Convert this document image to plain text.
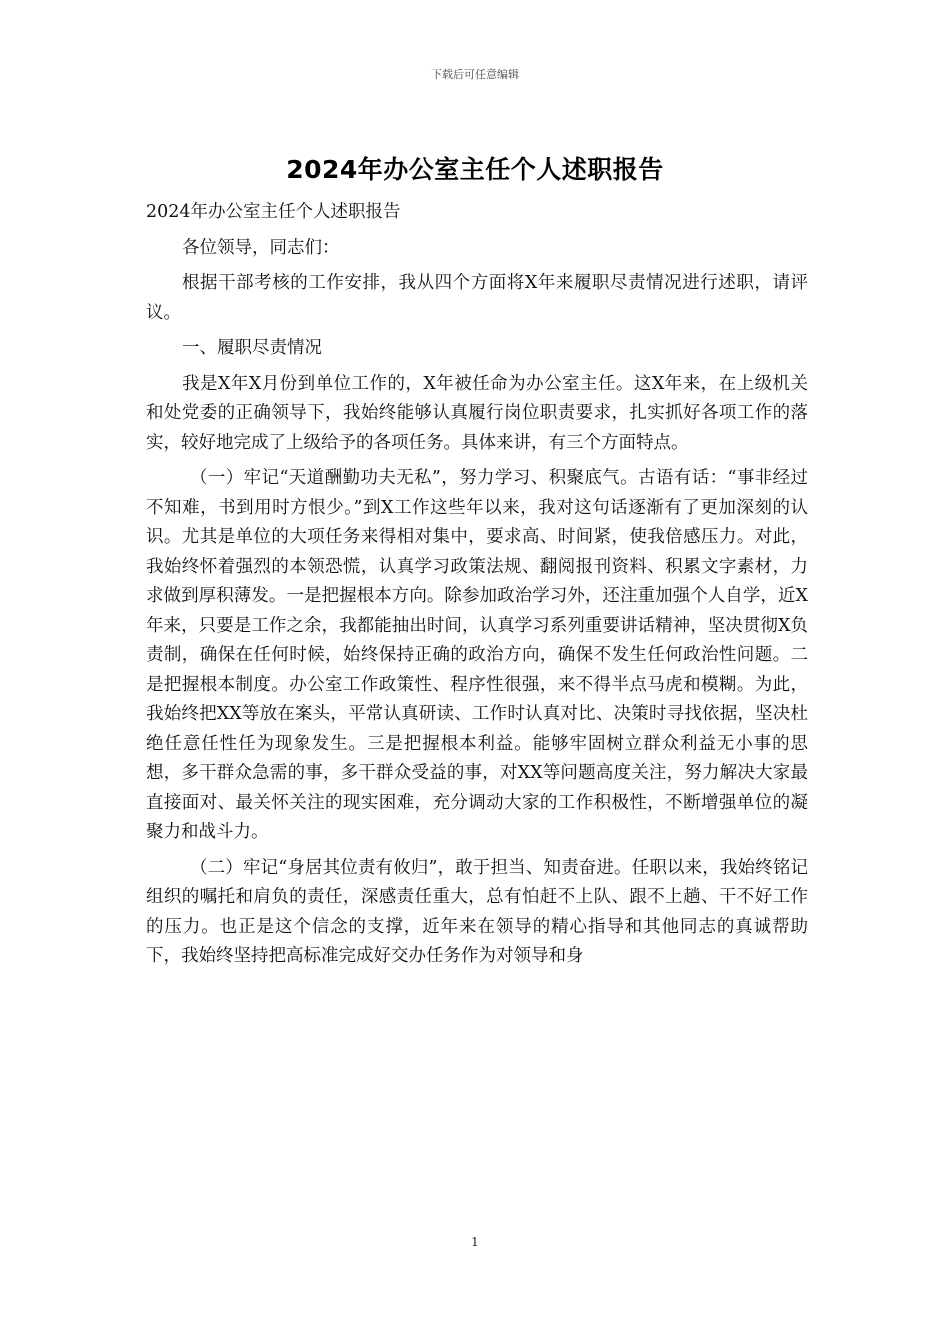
下载后可任意编辑
2024年办公室主任个人述职报告

2024年办公室主任个人述职报告

各位领导，同志们：

根据干部考核的工作安排，我从四个方面将X年来履职尽责情况进行述职，请评议。

一、履职尽责情况

我是X年X月份到单位工作的，X年被任命为办公室主任。这X年来，在上级机关和处党委的正确领导下，我始终能够认真履行岗位职责要求，扎实抓好各项工作的落实，较好地完成了上级给予的各项任务。具体来讲，有三个方面特点。

（一）牢记“天道酬勤功夫无私”，努力学习、积聚底气。古语有话：“事非经过不知难，书到用时方恨少。”到X工作这些年以来，我对这句话逐渐有了更加深刻的认识。尤其是单位的大项任务来得相对集中，要求高、时间紧，使我倍感压力。对此，我始终怀着强烈的本领恐慌，认真学习政策法规、翻阅报刊资料、积累文字素材，力求做到厚积薄发。一是把握根本方向。除参加政治学习外，还注重加强个人自学，近X年来，只要是工作之余，我都能抽出时间，认真学习系列重要讲话精神，坚决贯彻X负责制，确保在任何时候，始终保持正确的政治方向，确保不发生任何政治性问题。二是把握根本制度。办公室工作政策性、程序性很强，来不得半点马虎和模糊。为此，我始终把XX等放在案头，平常认真研读、工作时认真对比、决策时寻找依据，坚决杜绝任意任性任为现象发生。三是把握根本利益。能够牢固树立群众利益无小事的思想，多干群众急需的事，多干群众受益的事，对XX等问题高度关注，努力解决大家最直接面对、最关怀关注的现实困难，充分调动大家的工作积极性，不断增强单位的凝聚力和战斗力。

（二）牢记“身居其位责有攸归”，敢于担当、知责奋进。任职以来，我始终铭记组织的嘱托和肩负的责任，深感责任重大，总有怕赶不上队、跟不上趟、干不好工作的压力。也正是这个信念的支撑，近年来在领导的精心指导和其他同志的真诚帮助下，我始终坚持把高标准完成好交办任务作为对领导和身

1
